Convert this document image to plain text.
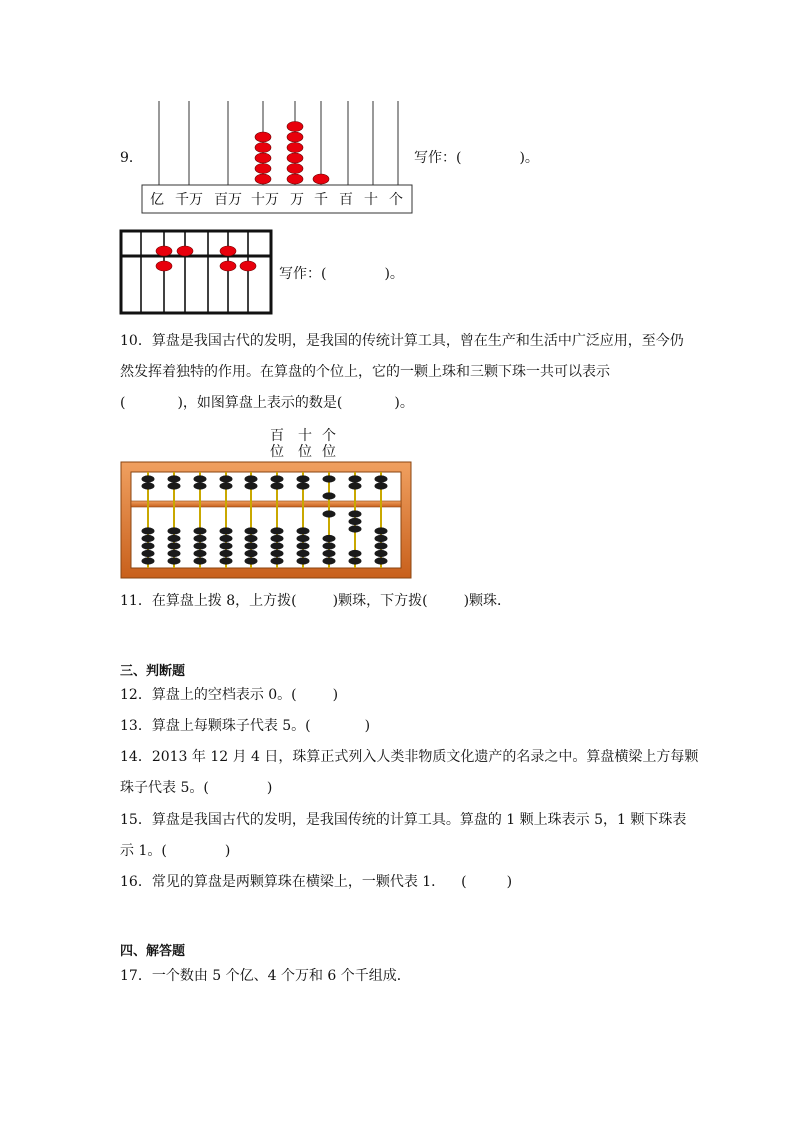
9．
亿 千万 百万 十万 万 千 百 十 个
写作：(	)。
写作：(	)。
10．算盘是我国古代的发明，是我国的传统计算工具，曾在生产和生活中广泛应用，至今仍
然发挥着独特的作用。在算盘的个位上，它的一颗上珠和三颗下珠一共可以表示
(	)，如图算盘上表示的数是(	)。
百
位
十
位
个
位
11．在算盘上拨 8，上方拨(	)颗珠，下方拨(	)颗珠．
三、判断题
12．算盘上的空档表示 0。(	)
13．算盘上每颗珠子代表 5。(	)
14．2013 年 12 月 4 日，珠算正式列入人类非物质文化遗产的名录之中。算盘横梁上方每颗
珠子代表 5。(	)
15．算盘是我国古代的发明，是我国传统的计算工具。算盘的 1 颗上珠表示 5，1 颗下珠表
示 1。(	)
16．常见的算盘是两颗算珠在横梁上，一颗代表 1． (	)
四、解答题
17．一个数由 5 个亿、4 个万和 6 个千组成．
